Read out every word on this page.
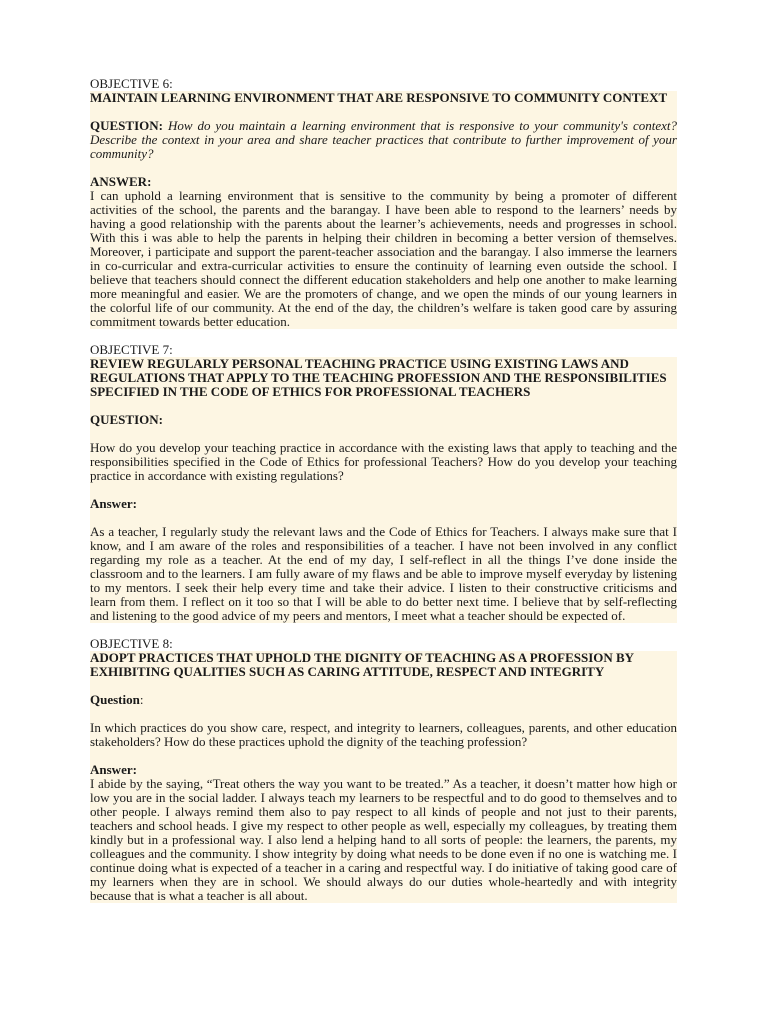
OBJECTIVE 6:
MAINTAIN LEARNING ENVIRONMENT THAT ARE RESPONSIVE TO COMMUNITY CONTEXT

QUESTION: How do you maintain a learning environment that is responsive to your community's context? Describe the context in your area and share teacher practices that contribute to further improvement of your community?

ANSWER:

I can uphold a learning environment that is sensitive to the community by being a promoter of different activities of the school, the parents and the barangay. I have been able to respond to the learners’ needs by having a good relationship with the parents about the learner’s achievements, needs and progresses in school. With this i was able to help the parents in helping their children in becoming a better version of themselves. Moreover, i participate and support the parent-teacher association and the barangay. I also immerse the learners in co-curricular and extra-curricular activities to ensure the continuity of learning even outside the school. I believe that teachers should connect the different education stakeholders and help one another to make learning more meaningful and easier. We are the promoters of change, and we open the minds of our young learners in the colorful life of our community. At the end of the day, the children’s welfare is taken good care by assuring commitment towards better education.

OBJECTIVE 7:
REVIEW REGULARLY PERSONAL TEACHING PRACTICE USING EXISTING LAWS AND REGULATIONS THAT APPLY TO THE TEACHING PROFESSION AND THE RESPONSIBILITIES SPECIFIED IN THE CODE OF ETHICS FOR PROFESSIONAL TEACHERS

QUESTION:

How do you develop your teaching practice in accordance with the existing laws that apply to teaching and the responsibilities specified in the Code of Ethics for professional Teachers? How do you develop your teaching practice in accordance with existing regulations?

Answer:

As a teacher, I regularly study the relevant laws and the Code of Ethics for Teachers. I always make sure that I know, and I am aware of the roles and responsibilities of a teacher. I have not been involved in any conflict regarding my role as a teacher. At the end of my day, I self-reflect in all the things I’ve done inside the classroom and to the learners. I am fully aware of my flaws and be able to improve myself everyday by listening to my mentors. I seek their help every time and take their advice. I listen to their constructive criticisms and learn from them. I reflect on it too so that I will be able to do better next time. I believe that by self-reflecting and listening to the good advice of my peers and mentors, I meet what a teacher should be expected of.

OBJECTIVE 8:
ADOPT PRACTICES THAT UPHOLD THE DIGNITY OF TEACHING AS A PROFESSION BY EXHIBITING QUALITIES SUCH AS CARING ATTITUDE, RESPECT AND INTEGRITY

Question:

In which practices do you show care, respect, and integrity to learners, colleagues, parents, and other education stakeholders? How do these practices uphold the dignity of the teaching profession?

Answer:

I abide by the saying, “Treat others the way you want to be treated.” As a teacher, it doesn’t matter how high or low you are in the social ladder. I always teach my learners to be respectful and to do good to themselves and to other people. I always remind them also to pay respect to all kinds of people and not just to their parents, teachers and school heads. I give my respect to other people as well, especially my colleagues, by treating them kindly but in a professional way. I also lend a helping hand to all sorts of people: the learners, the parents, my colleagues and the community. I show integrity by doing what needs to be done even if no one is watching me. I continue doing what is expected of a teacher in a caring and respectful way. I do initiative of taking good care of my learners when they are in school. We should always do our duties whole-heartedly and with integrity because that is what a teacher is all about.
